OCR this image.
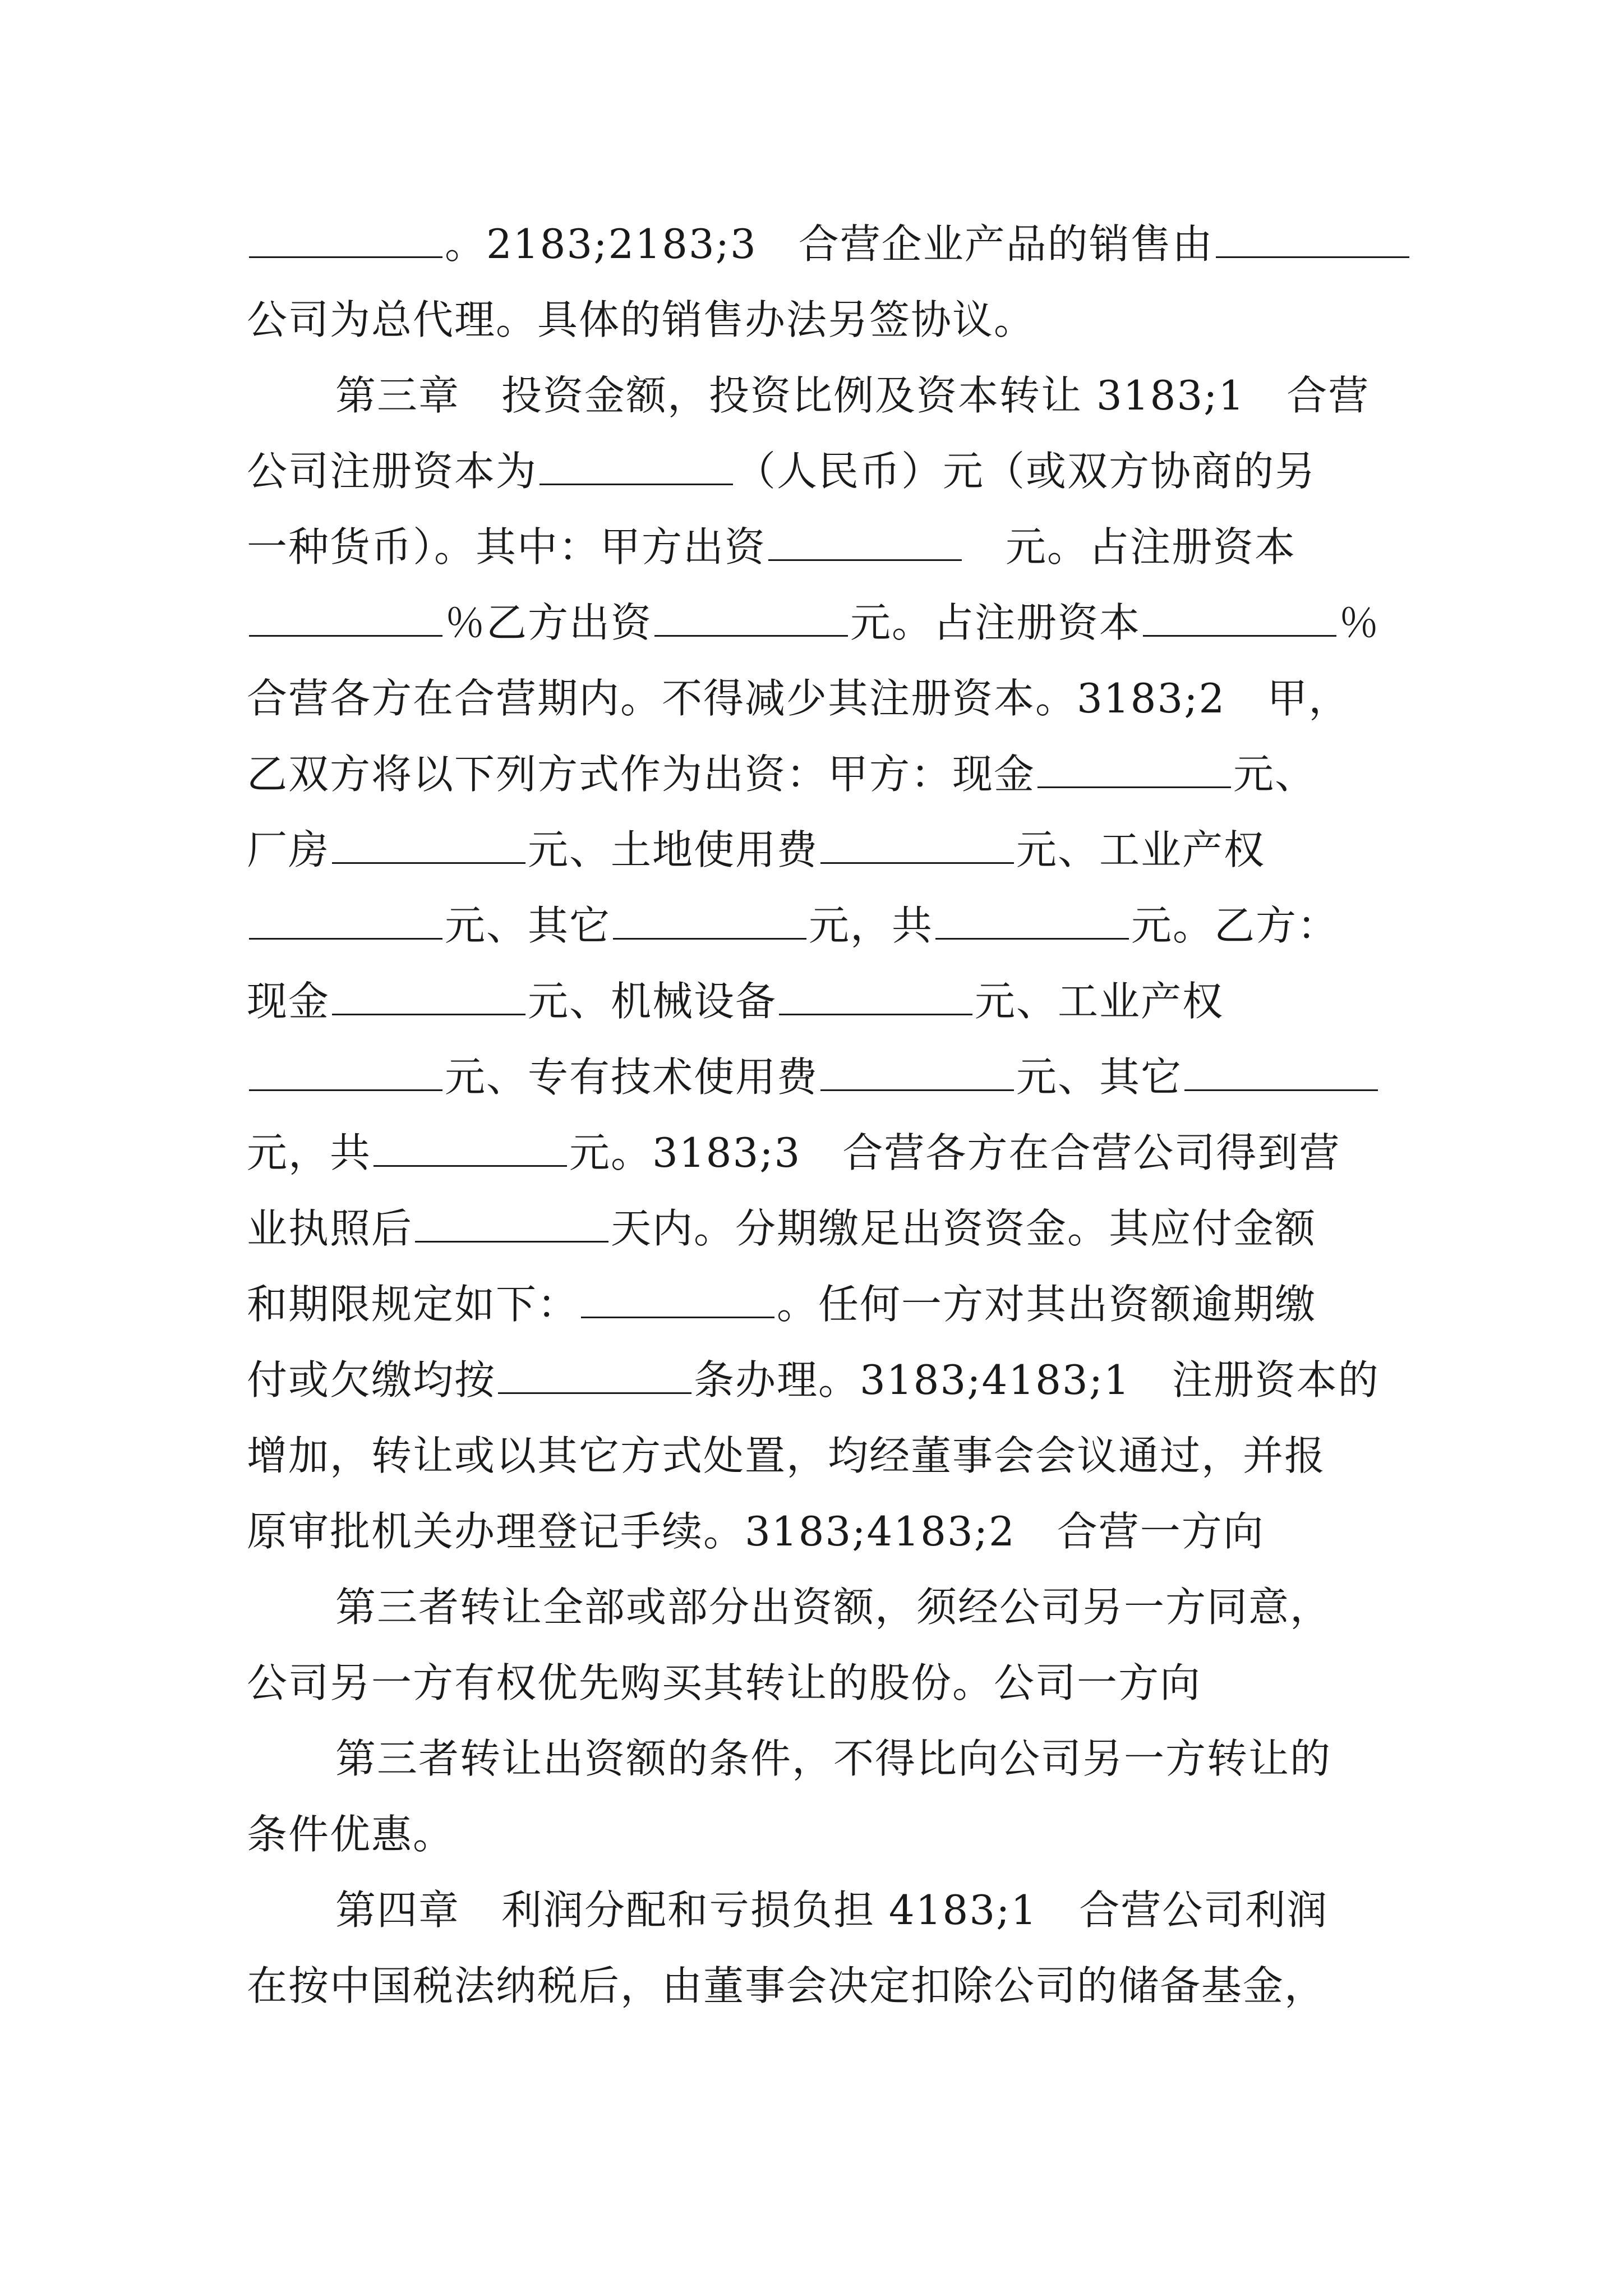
。2183;2183;3　合营企业产品的销售由
公司为总代理。具体的销售办法另签协议。
第三章　投资金额，投资比例及资本转让 3183;1　合营
公司注册资本为	（人民币）元（或双方协商的另
一种货币）。其中：甲方出资	　元。占注册资本
％乙方出资	元。占注册资本	％
合营各方在合营期内。不得减少其注册资本。3183;2　甲，
乙双方将以下列方式作为出资：甲方：现金	元、
厂房	元、土地使用费	元、工业产权
元、其它	元，共	元。乙方：
现金	元、机械设备	元、工业产权
元、专有技术使用费	元、其它
元，共	元。3183;3　合营各方在合营公司得到营
业执照后	天内。分期缴足出资资金。其应付金额
和期限规定如下：	。任何一方对其出资额逾期缴
付或欠缴均按	条办理。3183;4183;1　注册资本的
增加，转让或以其它方式处置，均经董事会会议通过，并报
原审批机关办理登记手续。3183;4183;2　合营一方向
第三者转让全部或部分出资额，须经公司另一方同意，
公司另一方有权优先购买其转让的股份。公司一方向
第三者转让出资额的条件，不得比向公司另一方转让的
条件优惠。
第四章　利润分配和亏损负担 4183;1　合营公司利润
在按中国税法纳税后，由董事会决定扣除公司的储备基金，
